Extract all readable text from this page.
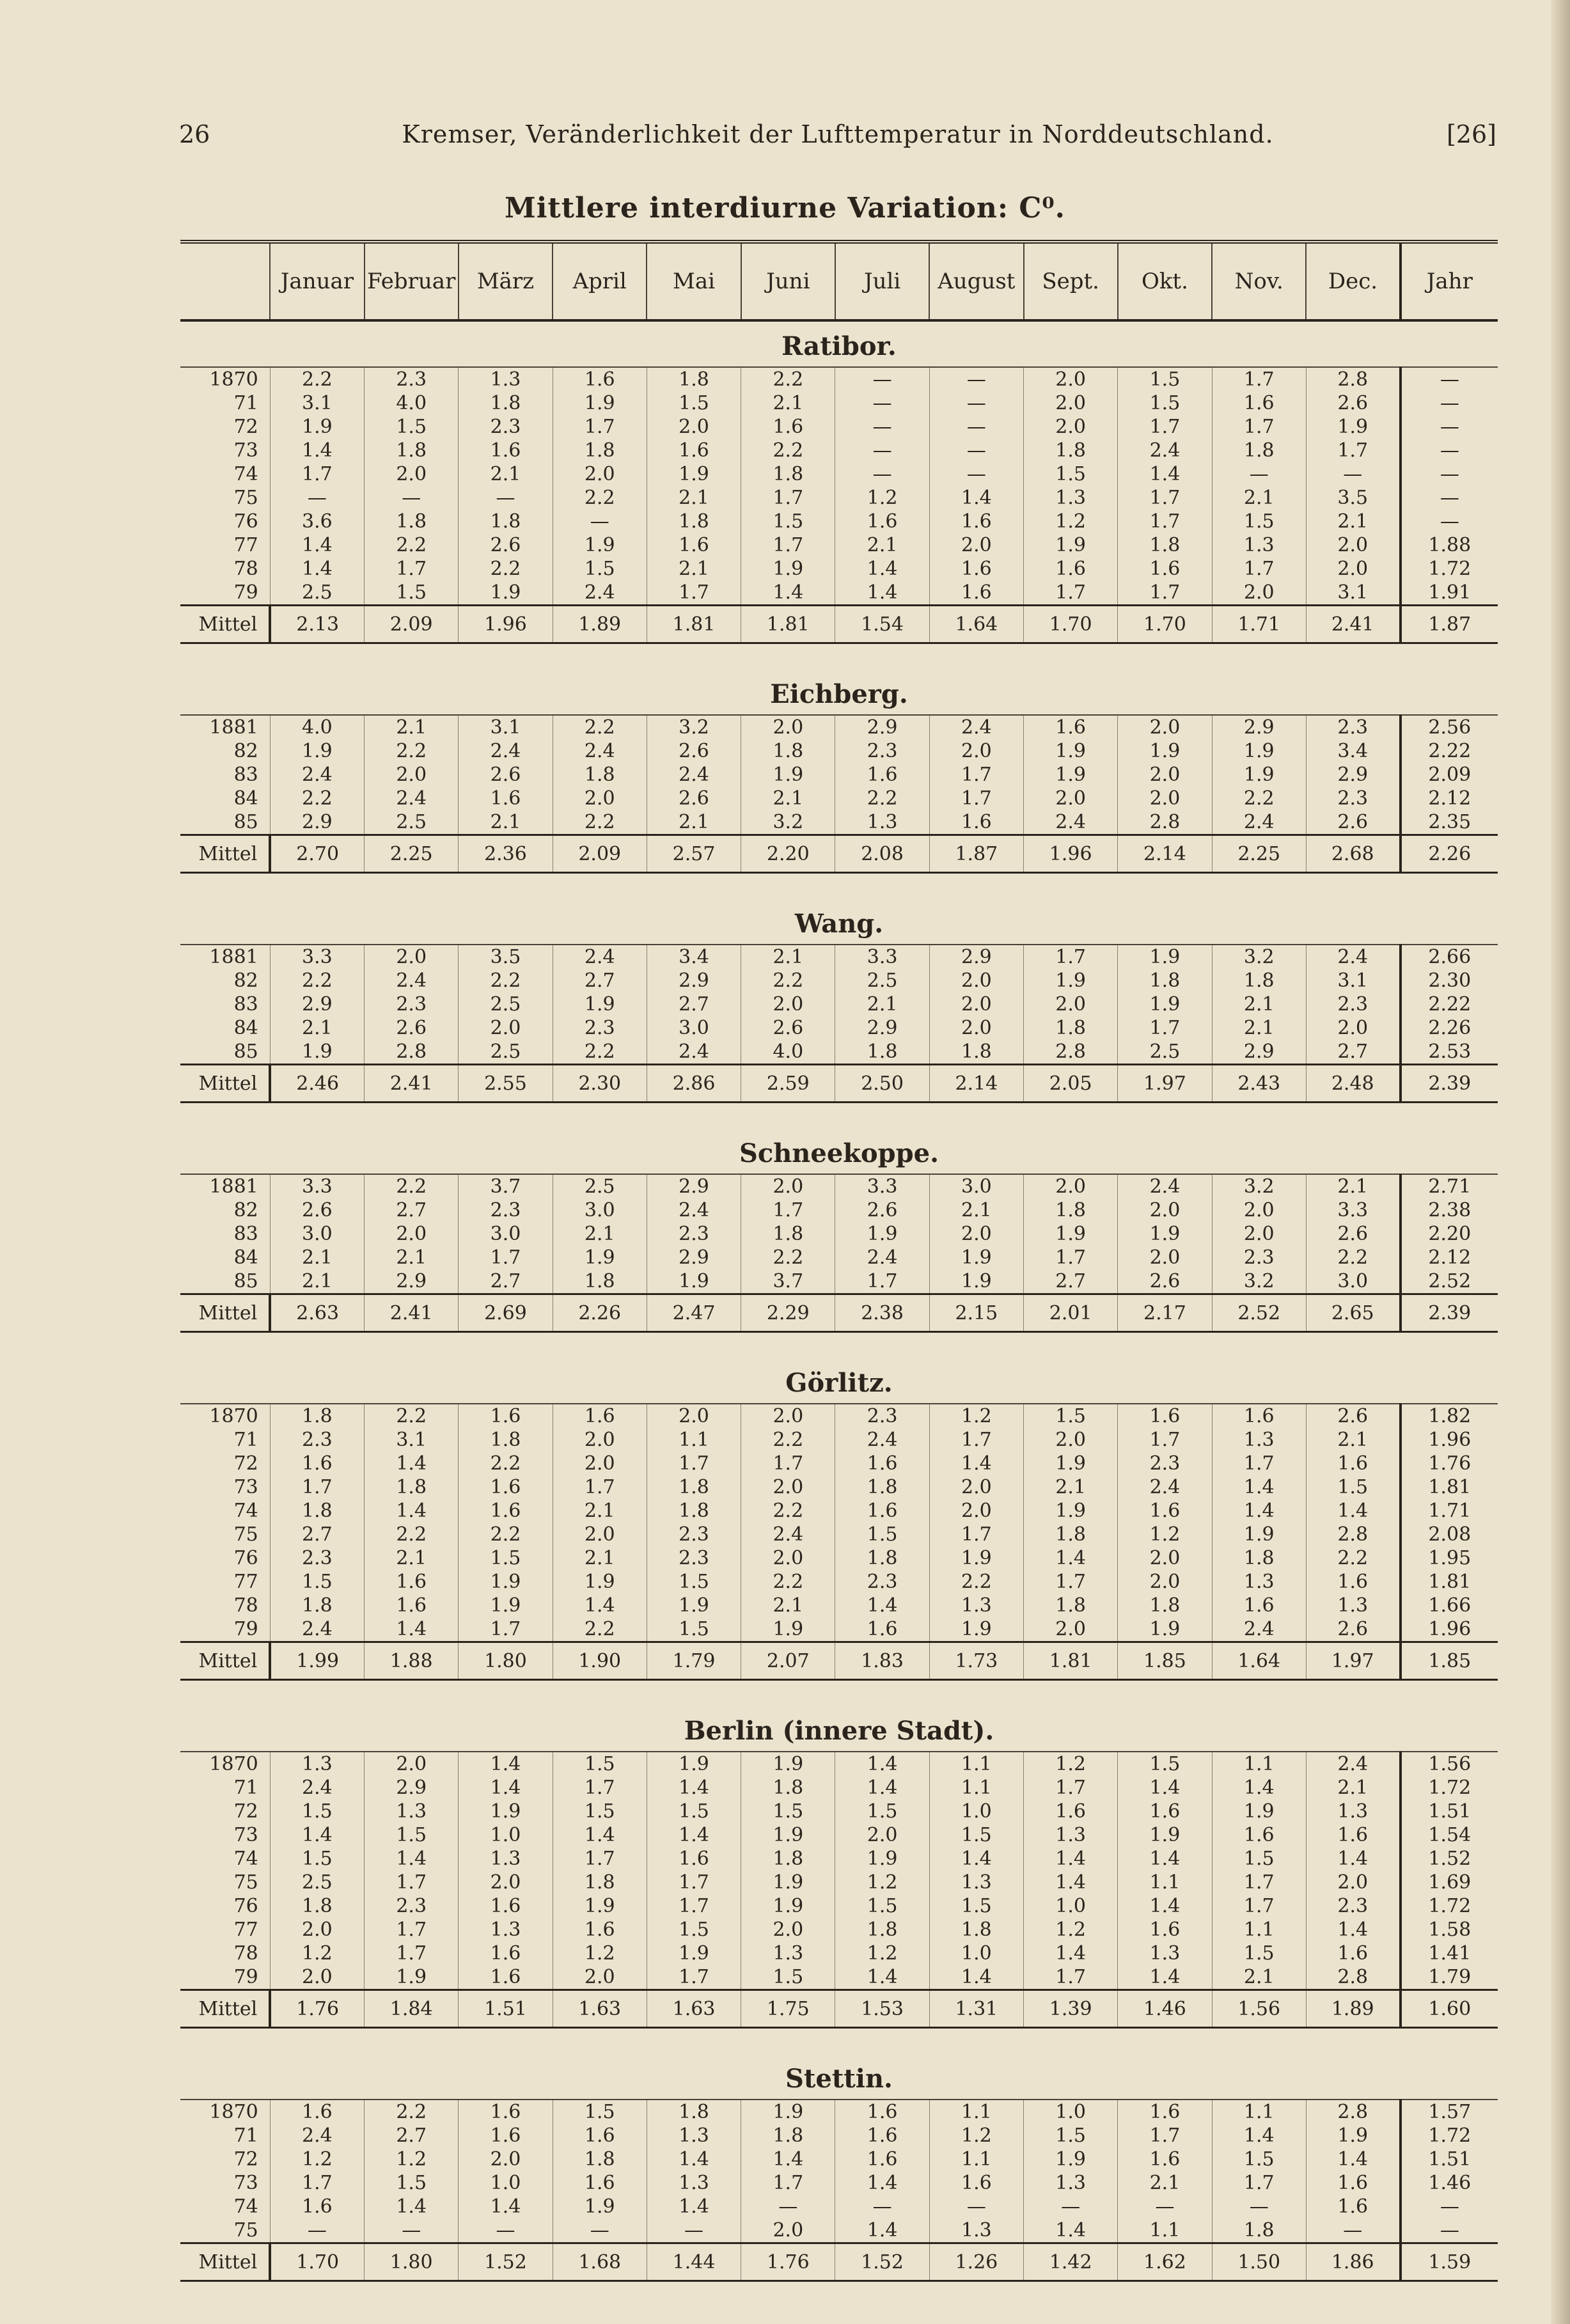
26	Kremser, Veränderlichkeit der Lufttemperatur in Norddeutschland.	[26]
Mittlere interdiurne Variation: C⁰.
	Januar	Februar	März	April	Mai	Juni	Juli	August	Sept.	Okt.	Nov.	Dec.	Jahr
Ratibor.													
1870	2.2	2.3	1.3	1.6	1.8	2.2	—	—	2.0	1.5	1.7	2.8	—
71	3.1	4.0	1.8	1.9	1.5	2.1	—	—	2.0	1.5	1.6	2.6	—
72	1.9	1.5	2.3	1.7	2.0	1.6	—	—	2.0	1.7	1.7	1.9	—
73	1.4	1.8	1.6	1.8	1.6	2.2	—	—	1.8	2.4	1.8	1.7	—
74	1.7	2.0	2.1	2.0	1.9	1.8	—	—	1.5	1.4	—	—	—
75	—	—	—	2.2	2.1	1.7	1.2	1.4	1.3	1.7	2.1	3.5	—
76	3.6	1.8	1.8	—	1.8	1.5	1.6	1.6	1.2	1.7	1.5	2.1	—
77	1.4	2.2	2.6	1.9	1.6	1.7	2.1	2.0	1.9	1.8	1.3	2.0	1.88
78	1.4	1.7	2.2	1.5	2.1	1.9	1.4	1.6	1.6	1.6	1.7	2.0	1.72
79	2.5	1.5	1.9	2.4	1.7	1.4	1.4	1.6	1.7	1.7	2.0	3.1	1.91
Mittel	2.13	2.09	1.96	1.89	1.81	1.81	1.54	1.64	1.70	1.70	1.71	2.41	1.87

Eichberg.													
1881	4.0	2.1	3.1	2.2	3.2	2.0	2.9	2.4	1.6	2.0	2.9	2.3	2.56
82	1.9	2.2	2.4	2.4	2.6	1.8	2.3	2.0	1.9	1.9	1.9	3.4	2.22
83	2.4	2.0	2.6	1.8	2.4	1.9	1.6	1.7	1.9	2.0	1.9	2.9	2.09
84	2.2	2.4	1.6	2.0	2.6	2.1	2.2	1.7	2.0	2.0	2.2	2.3	2.12
85	2.9	2.5	2.1	2.2	2.1	3.2	1.3	1.6	2.4	2.8	2.4	2.6	2.35
Mittel	2.70	2.25	2.36	2.09	2.57	2.20	2.08	1.87	1.96	2.14	2.25	2.68	2.26

Wang.													
1881	3.3	2.0	3.5	2.4	3.4	2.1	3.3	2.9	1.7	1.9	3.2	2.4	2.66
82	2.2	2.4	2.2	2.7	2.9	2.2	2.5	2.0	1.9	1.8	1.8	3.1	2.30
83	2.9	2.3	2.5	1.9	2.7	2.0	2.1	2.0	2.0	1.9	2.1	2.3	2.22
84	2.1	2.6	2.0	2.3	3.0	2.6	2.9	2.0	1.8	1.7	2.1	2.0	2.26
85	1.9	2.8	2.5	2.2	2.4	4.0	1.8	1.8	2.8	2.5	2.9	2.7	2.53
Mittel	2.46	2.41	2.55	2.30	2.86	2.59	2.50	2.14	2.05	1.97	2.43	2.48	2.39

Schneekoppe.													
1881	3.3	2.2	3.7	2.5	2.9	2.0	3.3	3.0	2.0	2.4	3.2	2.1	2.71
82	2.6	2.7	2.3	3.0	2.4	1.7	2.6	2.1	1.8	2.0	2.0	3.3	2.38
83	3.0	2.0	3.0	2.1	2.3	1.8	1.9	2.0	1.9	1.9	2.0	2.6	2.20
84	2.1	2.1	1.7	1.9	2.9	2.2	2.4	1.9	1.7	2.0	2.3	2.2	2.12
85	2.1	2.9	2.7	1.8	1.9	3.7	1.7	1.9	2.7	2.6	3.2	3.0	2.52
Mittel	2.63	2.41	2.69	2.26	2.47	2.29	2.38	2.15	2.01	2.17	2.52	2.65	2.39

Görlitz.													
1870	1.8	2.2	1.6	1.6	2.0	2.0	2.3	1.2	1.5	1.6	1.6	2.6	1.82
71	2.3	3.1	1.8	2.0	1.1	2.2	2.4	1.7	2.0	1.7	1.3	2.1	1.96
72	1.6	1.4	2.2	2.0	1.7	1.7	1.6	1.4	1.9	2.3	1.7	1.6	1.76
73	1.7	1.8	1.6	1.7	1.8	2.0	1.8	2.0	2.1	2.4	1.4	1.5	1.81
74	1.8	1.4	1.6	2.1	1.8	2.2	1.6	2.0	1.9	1.6	1.4	1.4	1.71
75	2.7	2.2	2.2	2.0	2.3	2.4	1.5	1.7	1.8	1.2	1.9	2.8	2.08
76	2.3	2.1	1.5	2.1	2.3	2.0	1.8	1.9	1.4	2.0	1.8	2.2	1.95
77	1.5	1.6	1.9	1.9	1.5	2.2	2.3	2.2	1.7	2.0	1.3	1.6	1.81
78	1.8	1.6	1.9	1.4	1.9	2.1	1.4	1.3	1.8	1.8	1.6	1.3	1.66
79	2.4	1.4	1.7	2.2	1.5	1.9	1.6	1.9	2.0	1.9	2.4	2.6	1.96
Mittel	1.99	1.88	1.80	1.90	1.79	2.07	1.83	1.73	1.81	1.85	1.64	1.97	1.85

Berlin (innere Stadt).													
1870	1.3	2.0	1.4	1.5	1.9	1.9	1.4	1.1	1.2	1.5	1.1	2.4	1.56
71	2.4	2.9	1.4	1.7	1.4	1.8	1.4	1.1	1.7	1.4	1.4	2.1	1.72
72	1.5	1.3	1.9	1.5	1.5	1.5	1.5	1.0	1.6	1.6	1.9	1.3	1.51
73	1.4	1.5	1.0	1.4	1.4	1.9	2.0	1.5	1.3	1.9	1.6	1.6	1.54
74	1.5	1.4	1.3	1.7	1.6	1.8	1.9	1.4	1.4	1.4	1.5	1.4	1.52
75	2.5	1.7	2.0	1.8	1.7	1.9	1.2	1.3	1.4	1.1	1.7	2.0	1.69
76	1.8	2.3	1.6	1.9	1.7	1.9	1.5	1.5	1.0	1.4	1.7	2.3	1.72
77	2.0	1.7	1.3	1.6	1.5	2.0	1.8	1.8	1.2	1.6	1.1	1.4	1.58
78	1.2	1.7	1.6	1.2	1.9	1.3	1.2	1.0	1.4	1.3	1.5	1.6	1.41
79	2.0	1.9	1.6	2.0	1.7	1.5	1.4	1.4	1.7	1.4	2.1	2.8	1.79
Mittel	1.76	1.84	1.51	1.63	1.63	1.75	1.53	1.31	1.39	1.46	1.56	1.89	1.60

Stettin.													
1870	1.6	2.2	1.6	1.5	1.8	1.9	1.6	1.1	1.0	1.6	1.1	2.8	1.57
71	2.4	2.7	1.6	1.6	1.3	1.8	1.6	1.2	1.5	1.7	1.4	1.9	1.72
72	1.2	1.2	2.0	1.8	1.4	1.4	1.6	1.1	1.9	1.6	1.5	1.4	1.51
73	1.7	1.5	1.0	1.6	1.3	1.7	1.4	1.6	1.3	2.1	1.7	1.6	1.46
74	1.6	1.4	1.4	1.9	1.4	—	—	—	—	—	—	1.6	—
75	—	—	—	—	—	2.0	1.4	1.3	1.4	1.1	1.8	—	—
Mittel	1.70	1.80	1.52	1.68	1.44	1.76	1.52	1.26	1.42	1.62	1.50	1.86	1.59
